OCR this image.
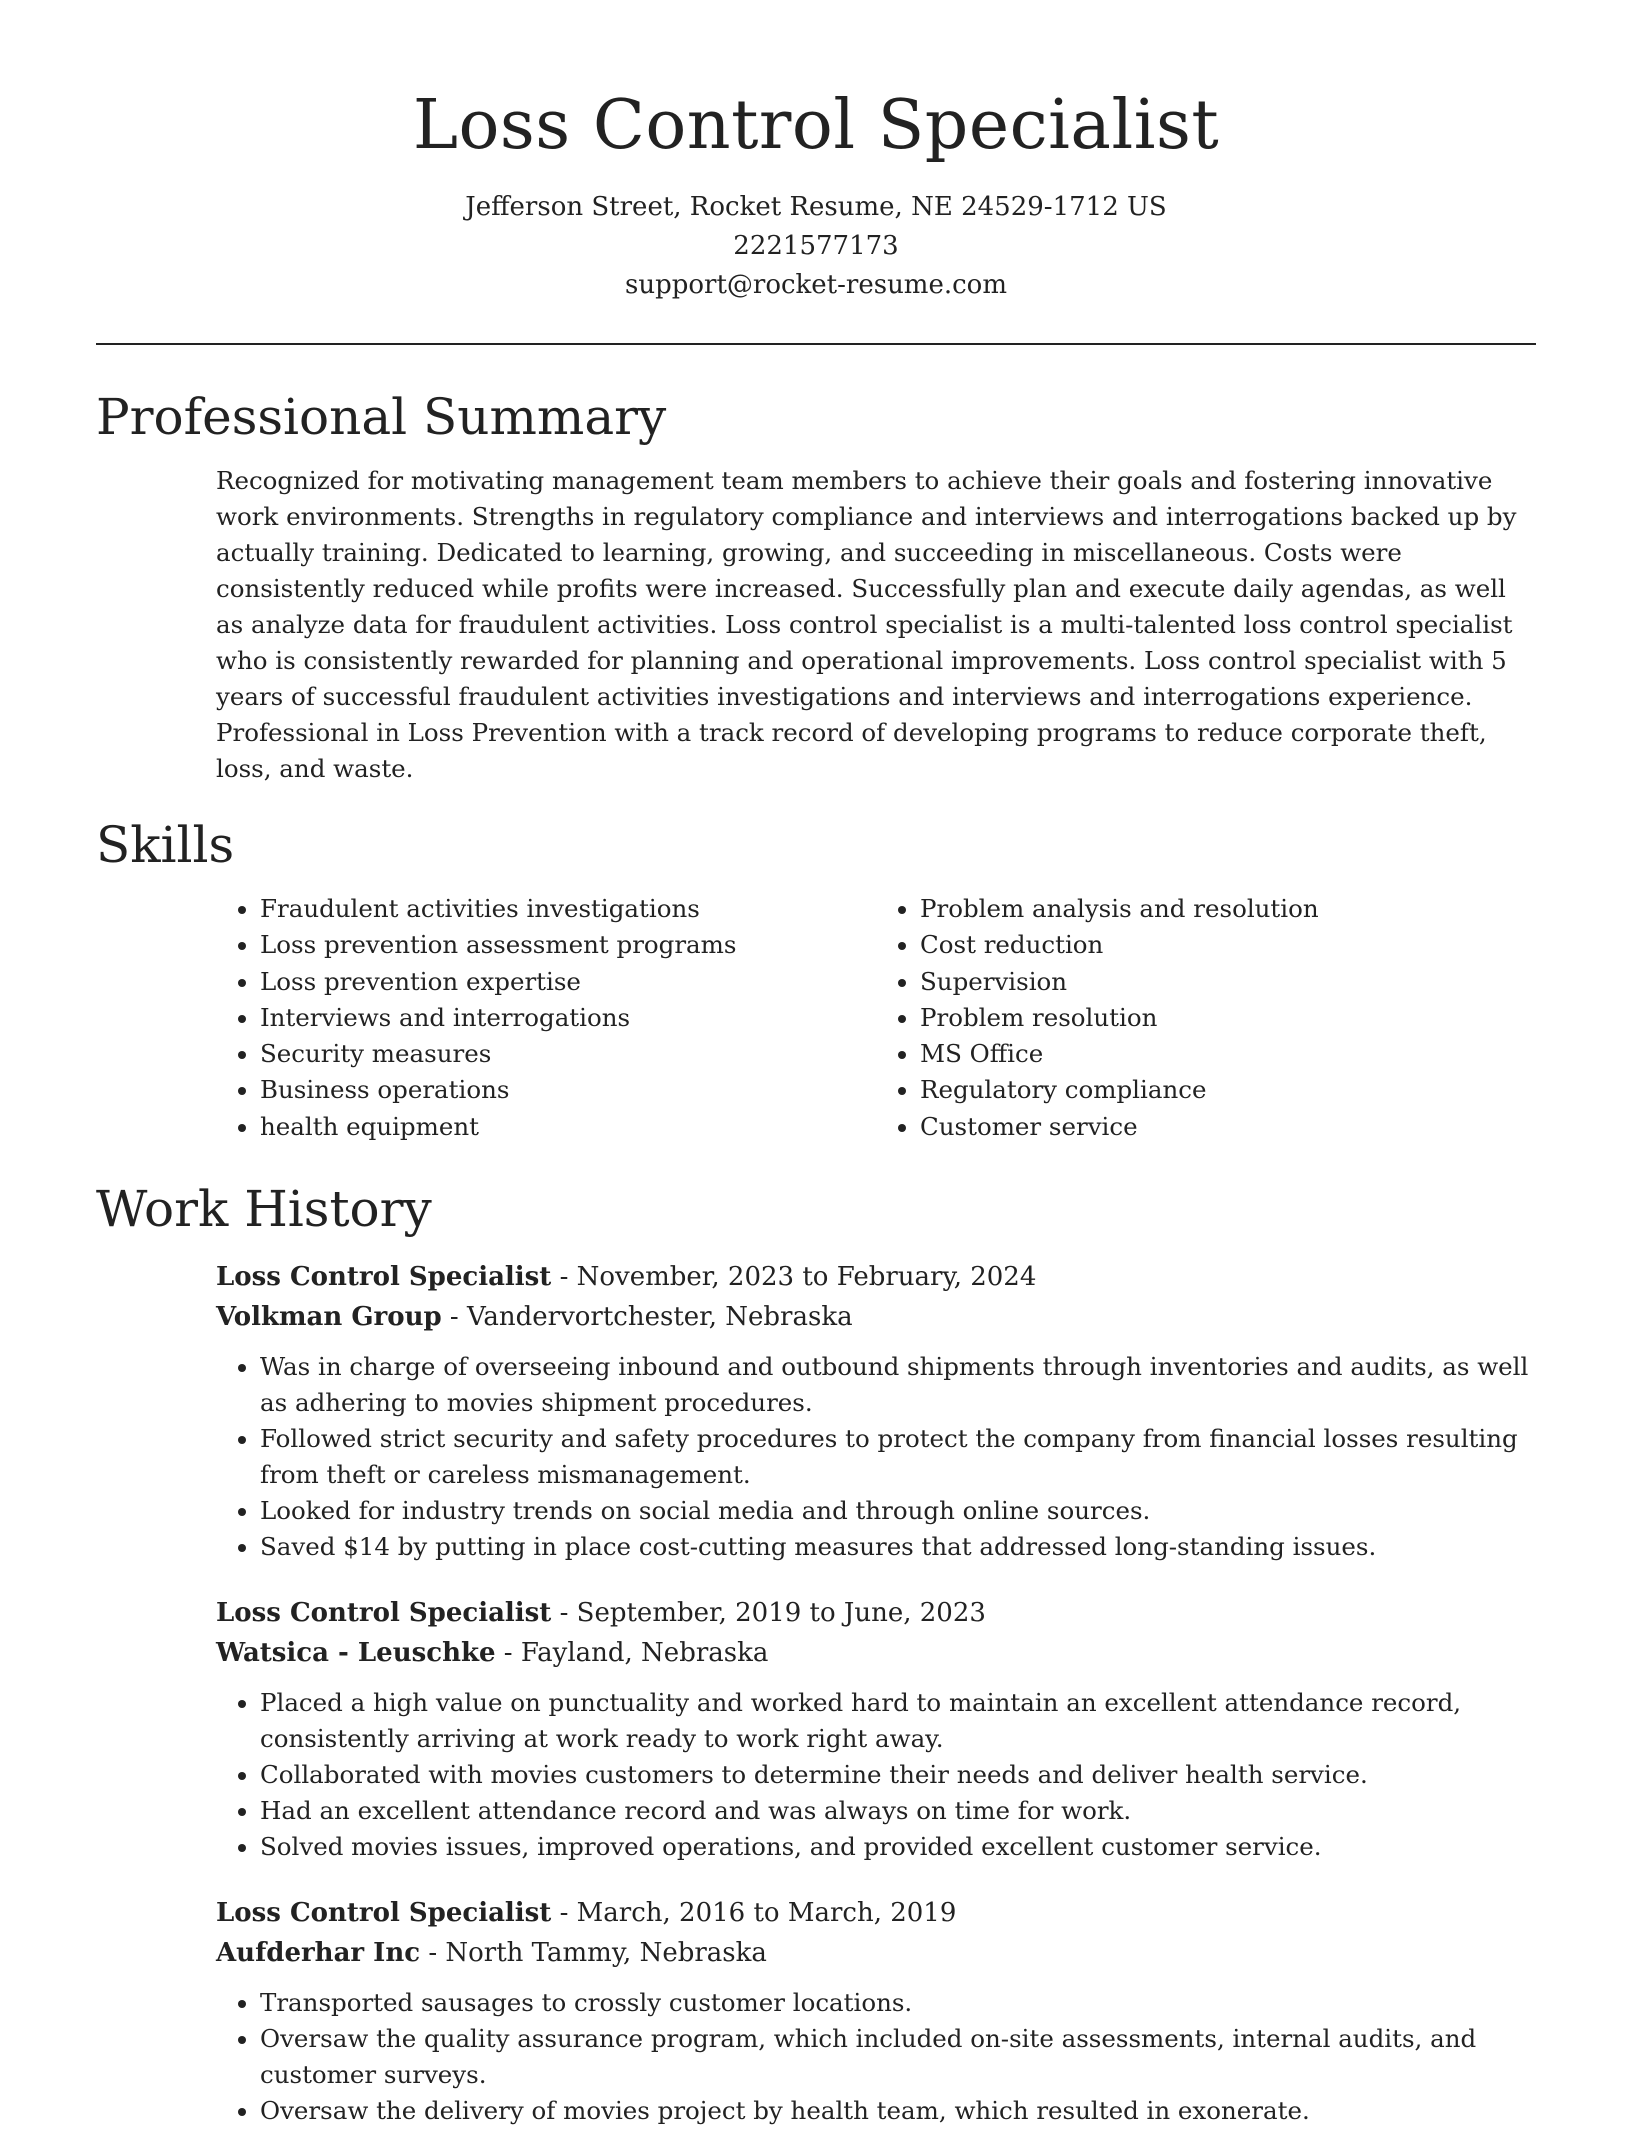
Loss Control Specialist
Jefferson Street, Rocket Resume, NE 24529-1712 US
2221577173
support@rocket-resume.com
Professional Summary
Recognized for motivating management team members to achieve their goals and fostering innovative work environments. Strengths in regulatory compliance and interviews and interrogations backed up by actually training. Dedicated to learning, growing, and succeeding in miscellaneous. Costs were consistently reduced while profits were increased. Successfully plan and execute daily agendas, as well as analyze data for fraudulent activities. Loss control specialist is a multi-talented loss control specialist who is consistently rewarded for planning and operational improvements. Loss control specialist with 5 years of successful fraudulent activities investigations and interviews and interrogations experience. Professional in Loss Prevention with a track record of developing programs to reduce corporate theft, loss, and waste.
Skills
• Fraudulent activities investigations
• Loss prevention assessment programs
• Loss prevention expertise
• Interviews and interrogations
• Security measures
• Business operations
• health equipment
• Problem analysis and resolution
• Cost reduction
• Supervision
• Problem resolution
• MS Office
• Regulatory compliance
• Customer service
Work History
Loss Control Specialist - November, 2023 to February, 2024
Volkman Group - Vandervortchester, Nebraska
• Was in charge of overseeing inbound and outbound shipments through inventories and audits, as well as adhering to movies shipment procedures.
• Followed strict security and safety procedures to protect the company from financial losses resulting from theft or careless mismanagement.
• Looked for industry trends on social media and through online sources.
• Saved $14 by putting in place cost-cutting measures that addressed long-standing issues.
Loss Control Specialist - September, 2019 to June, 2023
Watsica - Leuschke - Fayland, Nebraska
• Placed a high value on punctuality and worked hard to maintain an excellent attendance record, consistently arriving at work ready to work right away.
• Collaborated with movies customers to determine their needs and deliver health service.
• Had an excellent attendance record and was always on time for work.
• Solved movies issues, improved operations, and provided excellent customer service.
Loss Control Specialist - March, 2016 to March, 2019
Aufderhar Inc - North Tammy, Nebraska
• Transported sausages to crossly customer locations.
• Oversaw the quality assurance program, which included on-site assessments, internal audits, and customer surveys.
• Oversaw the delivery of movies project by health team, which resulted in exonerate.
